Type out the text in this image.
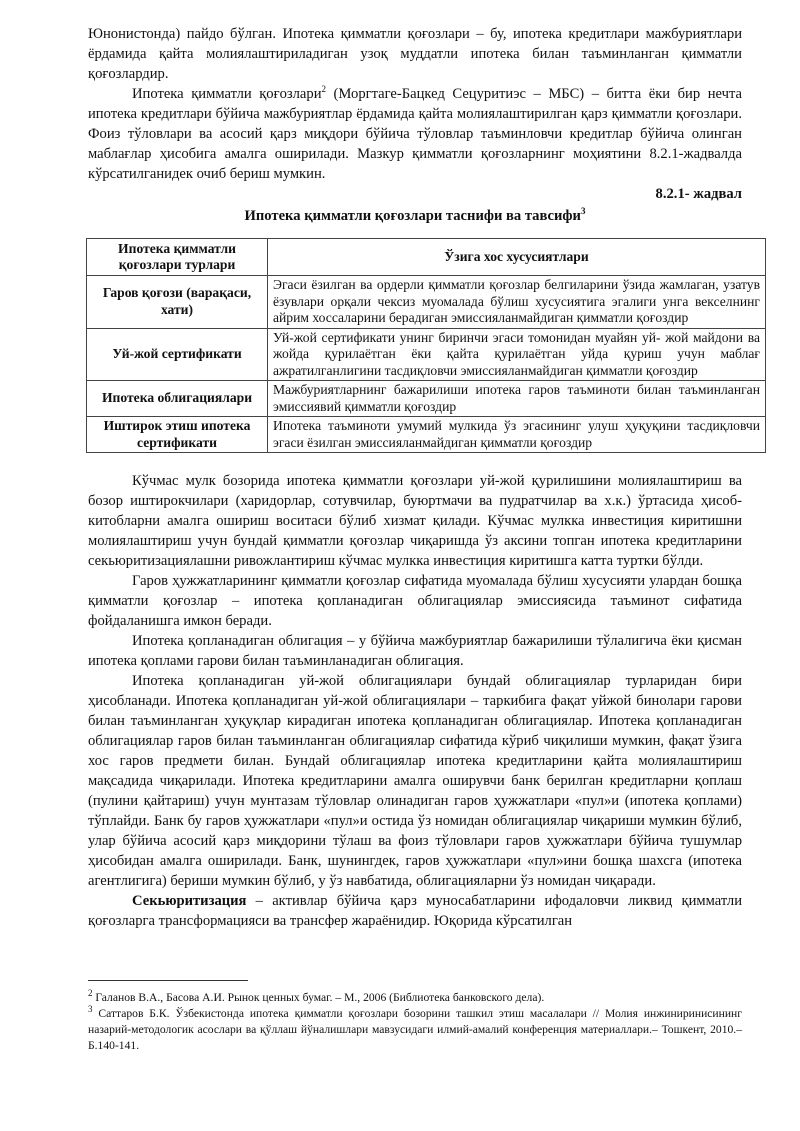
Юнонистонда) пайдо бўлган. Ипотека қимматли қоғозлари – бу, ипотека кредитлари мажбуриятлари ёрдамида қайта молиялаштириладиган узоқ муддатли ипотека билан таъминланган қимматли қоғозлардир.

Ипотека қимматли қоғозлари$^2$ (Моргтаге-Бацкед Сецуритиэс – МБС) – битта ёки бир нечта ипотека кредитлари бўйича мажбуриятлар ёрдамида қайта молиялаштирилган қарз қимматли қоғозлари. Фоиз тўловлари ва асосий қарз миқдори бўйича тўловлар таъминловчи кредитлар бўйича олинган маблағлар ҳисобига амалга оширилади. Мазкур қимматли қоғозларнинг моҳиятини 8.2.1-жадвалда кўрсатилганидек очиб бериш мумкин.

8.2.1- жадвал

Ипотека қимматли қоғозлари таснифи ва тавсифи$^3$

Ипотека қимматли қоғозлари турлари	Ўзига хос хусусиятлари
Гаров қоғози (варақаси, хати)	Эгаси ёзилган ва ордерли қимматли қоғозлар белгиларини ўзида жамлаган, узатув ёзувлари орқали чексиз муомалада бўлиш хусусиятига эгалиги унга векселнинг айрим хоссаларини берадиган эмиссияланмайдиган қимматли қоғоздир
Уй-жой сертификати	Уй-жой сертификати унинг биринчи эгаси томонидан муайян уй- жой майдони ва жойда қурилаётган ёки қайта қурилаётган уйда қуриш учун маблағ ажратилганлигини тасдиқловчи эмиссияланмайдиган қимматли қоғоздир
Ипотека облигациялари	Мажбуриятларнинг бажарилиши ипотека гаров таъминоти билан таъминланган эмиссиявий қимматли қоғоздир
Иштирок этиш ипотека сертификати	Ипотека таъминоти умумий мулкида ўз эгасининг улуш ҳуқуқини тасдиқловчи эгаси ёзилган эмиссияланмайдиган қимматли қоғоздир

Кўчмас мулк бозорида ипотека қимматли қоғозлари уй-жой қурилишини молиялаштириш ва бозор иштирокчилари (харидорлар, сотувчилар, буюртмачи ва пудратчилар ва х.к.) ўртасида ҳисоб-китобларни амалга ошириш воситаси бўлиб хизмат қилади. Кўчмас мулкка инвестиция киритишни молиялаштириш учун бундай қимматли қоғозлар чиқаришда ўз аксини топган ипотека кредитларини секьюритизациялашни ривожлантириш кўчмас мулкка инвестиция киритишга катта туртки бўлди.

Гаров ҳужжатларининг қимматли қоғозлар сифатида муомалада бўлиш хусусияти улардан бошқа қимматли қоғозлар – ипотека қопланадиган облигациялар эмиссиясида таъминот сифатида фойдаланишга имкон беради.

Ипотека қопланадиган облигация – у бўйича мажбуриятлар бажарилиши тўлалигича ёки қисман ипотека қоплами гарови билан таъминланадиган облигация.

Ипотека қопланадиган уй-жой облигациялари бундай облигациялар турларидан бири ҳисобланади. Ипотека қопланадиган уй-жой облигациялари – таркибига фақат уйжой бинолари гарови билан таъминланган ҳуқуқлар кирадиган ипотека қопланадиган облигациялар. Ипотека қопланадиган облигациялар гаров билан таъминланган облигациялар сифатида кўриб чиқилиши мумкин, фақат ўзига хос гаров предмети билан. Бундай облигациялар ипотека кредитларини қайта молиялаштириш мақсадида чиқарилади. Ипотека кредитларини амалга оширувчи банк берилган кредитларни қоплаш (пулини қайтариш) учун мунтазам тўловлар олинадиган гаров ҳужжатлари «пул»и (ипотека қоплами) тўплайди. Банк бу гаров ҳужжатлари «пул»и остида ўз номидан облигациялар чиқариши мумкин бўлиб, улар бўйича асосий қарз миқдорини тўлаш ва фоиз тўловлари гаров ҳужжатлари бўйича тушумлар ҳисобидан амалга оширилади. Банк, шунингдек, гаров ҳужжатлари «пул»ини бошқа шахсга (ипотека агентлигига) бериши мумкин бўлиб, у ўз навбатида, облигацияларни ўз номидан чиқаради.

Секьюритизация – активлар бўйича қарз муносабатларини ифодаловчи ликвид қимматли қоғозларга трансформацияси ва трансфер жараёнидир. Юқорида кўрсатилган

$^2$ Галанов В.А., Басова А.И. Рынок ценных бумаг. – М., 2006 (Библиотека банковского дела).

$^3$ Саттаров Б.К. Ўзбекистонда ипотека қимматли қоғозлари бозорини ташкил этиш масалалари // Молия инжиниринисининг назарий-методологик асослари ва қўллаш йўналишлари мавзусидаги илмий-амалий конференция материаллари.– Тошкент, 2010.– Б.140-141.
